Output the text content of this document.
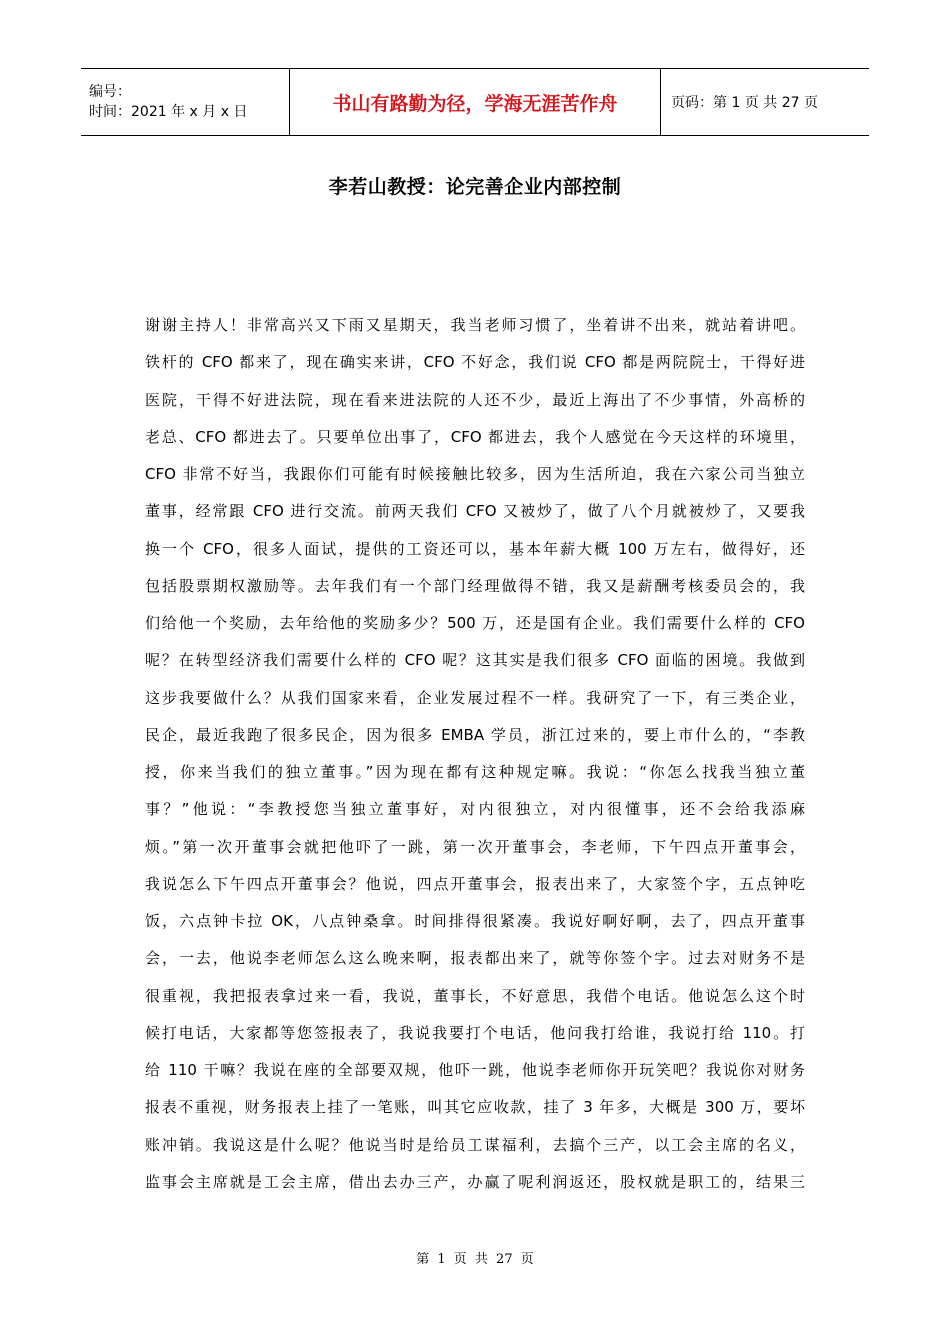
编号：
时间：2021 年 x 月 x 日	书山有路勤为径，学海无涯苦作舟	页码：第 1 页 共 27 页
李若山教授：论完善企业内部控制
谢谢主持人！非常高兴又下雨又星期天，我当老师习惯了，坐着讲不出来，就站着讲吧。
铁杆的 CFO 都来了，现在确实来讲，CFO 不好念，我们说 CFO 都是两院院士，干得好进
医院，干得不好进法院，现在看来进法院的人还不少，最近上海出了不少事情，外高桥的
老总、CFO 都进去了。只要单位出事了，CFO 都进去，我个人感觉在今天这样的环境里，
CFO 非常不好当，我跟你们可能有时候接触比较多，因为生活所迫，我在六家公司当独立
董事，经常跟 CFO 进行交流。前两天我们 CFO 又被炒了，做了八个月就被炒了，又要我
换一个 CFO，很多人面试，提供的工资还可以，基本年薪大概 100 万左右，做得好，还
包括股票期权激励等。去年我们有一个部门经理做得不错，我又是薪酬考核委员会的，我
们给他一个奖励，去年给他的奖励多少？500 万，还是国有企业。我们需要什么样的 CFO
呢？在转型经济我们需要什么样的 CFO 呢？这其实是我们很多 CFO 面临的困境。我做到
这步我要做什么？从我们国家来看，企业发展过程不一样。我研究了一下，有三类企业，
民企，最近我跑了很多民企，因为很多 EMBA 学员，浙江过来的，要上市什么的，“李教
授，你来当我们的独立董事。”因为现在都有这种规定嘛。我说：“你怎么找我当独立董
事？”他说：“李教授您当独立董事好，对内很独立，对内很懂事，还不会给我添麻
烦。”第一次开董事会就把他吓了一跳，第一次开董事会，李老师，下午四点开董事会，
我说怎么下午四点开董事会？他说，四点开董事会，报表出来了，大家签个字，五点钟吃
饭，六点钟卡拉 OK，八点钟桑拿。时间排得很紧凑。我说好啊好啊，去了，四点开董事
会，一去，他说李老师怎么这么晚来啊，报表都出来了，就等你签个字。过去对财务不是
很重视，我把报表拿过来一看，我说，董事长，不好意思，我借个电话。他说怎么这个时
候打电话，大家都等您签报表了，我说我要打个电话，他问我打给谁，我说打给 110。打
给 110 干嘛？我说在座的全部要双规，他吓一跳，他说李老师你开玩笑吧？我说你对财务
报表不重视，财务报表上挂了一笔账，叫其它应收款，挂了 3 年多，大概是 300 万，要坏
账冲销。我说这是什么呢？他说当时是给员工谋福利，去搞个三产，以工会主席的名义，
监事会主席就是工会主席，借出去办三产，办赢了呢利润返还，股权就是职工的，结果三
第 1 页 共 27 页
